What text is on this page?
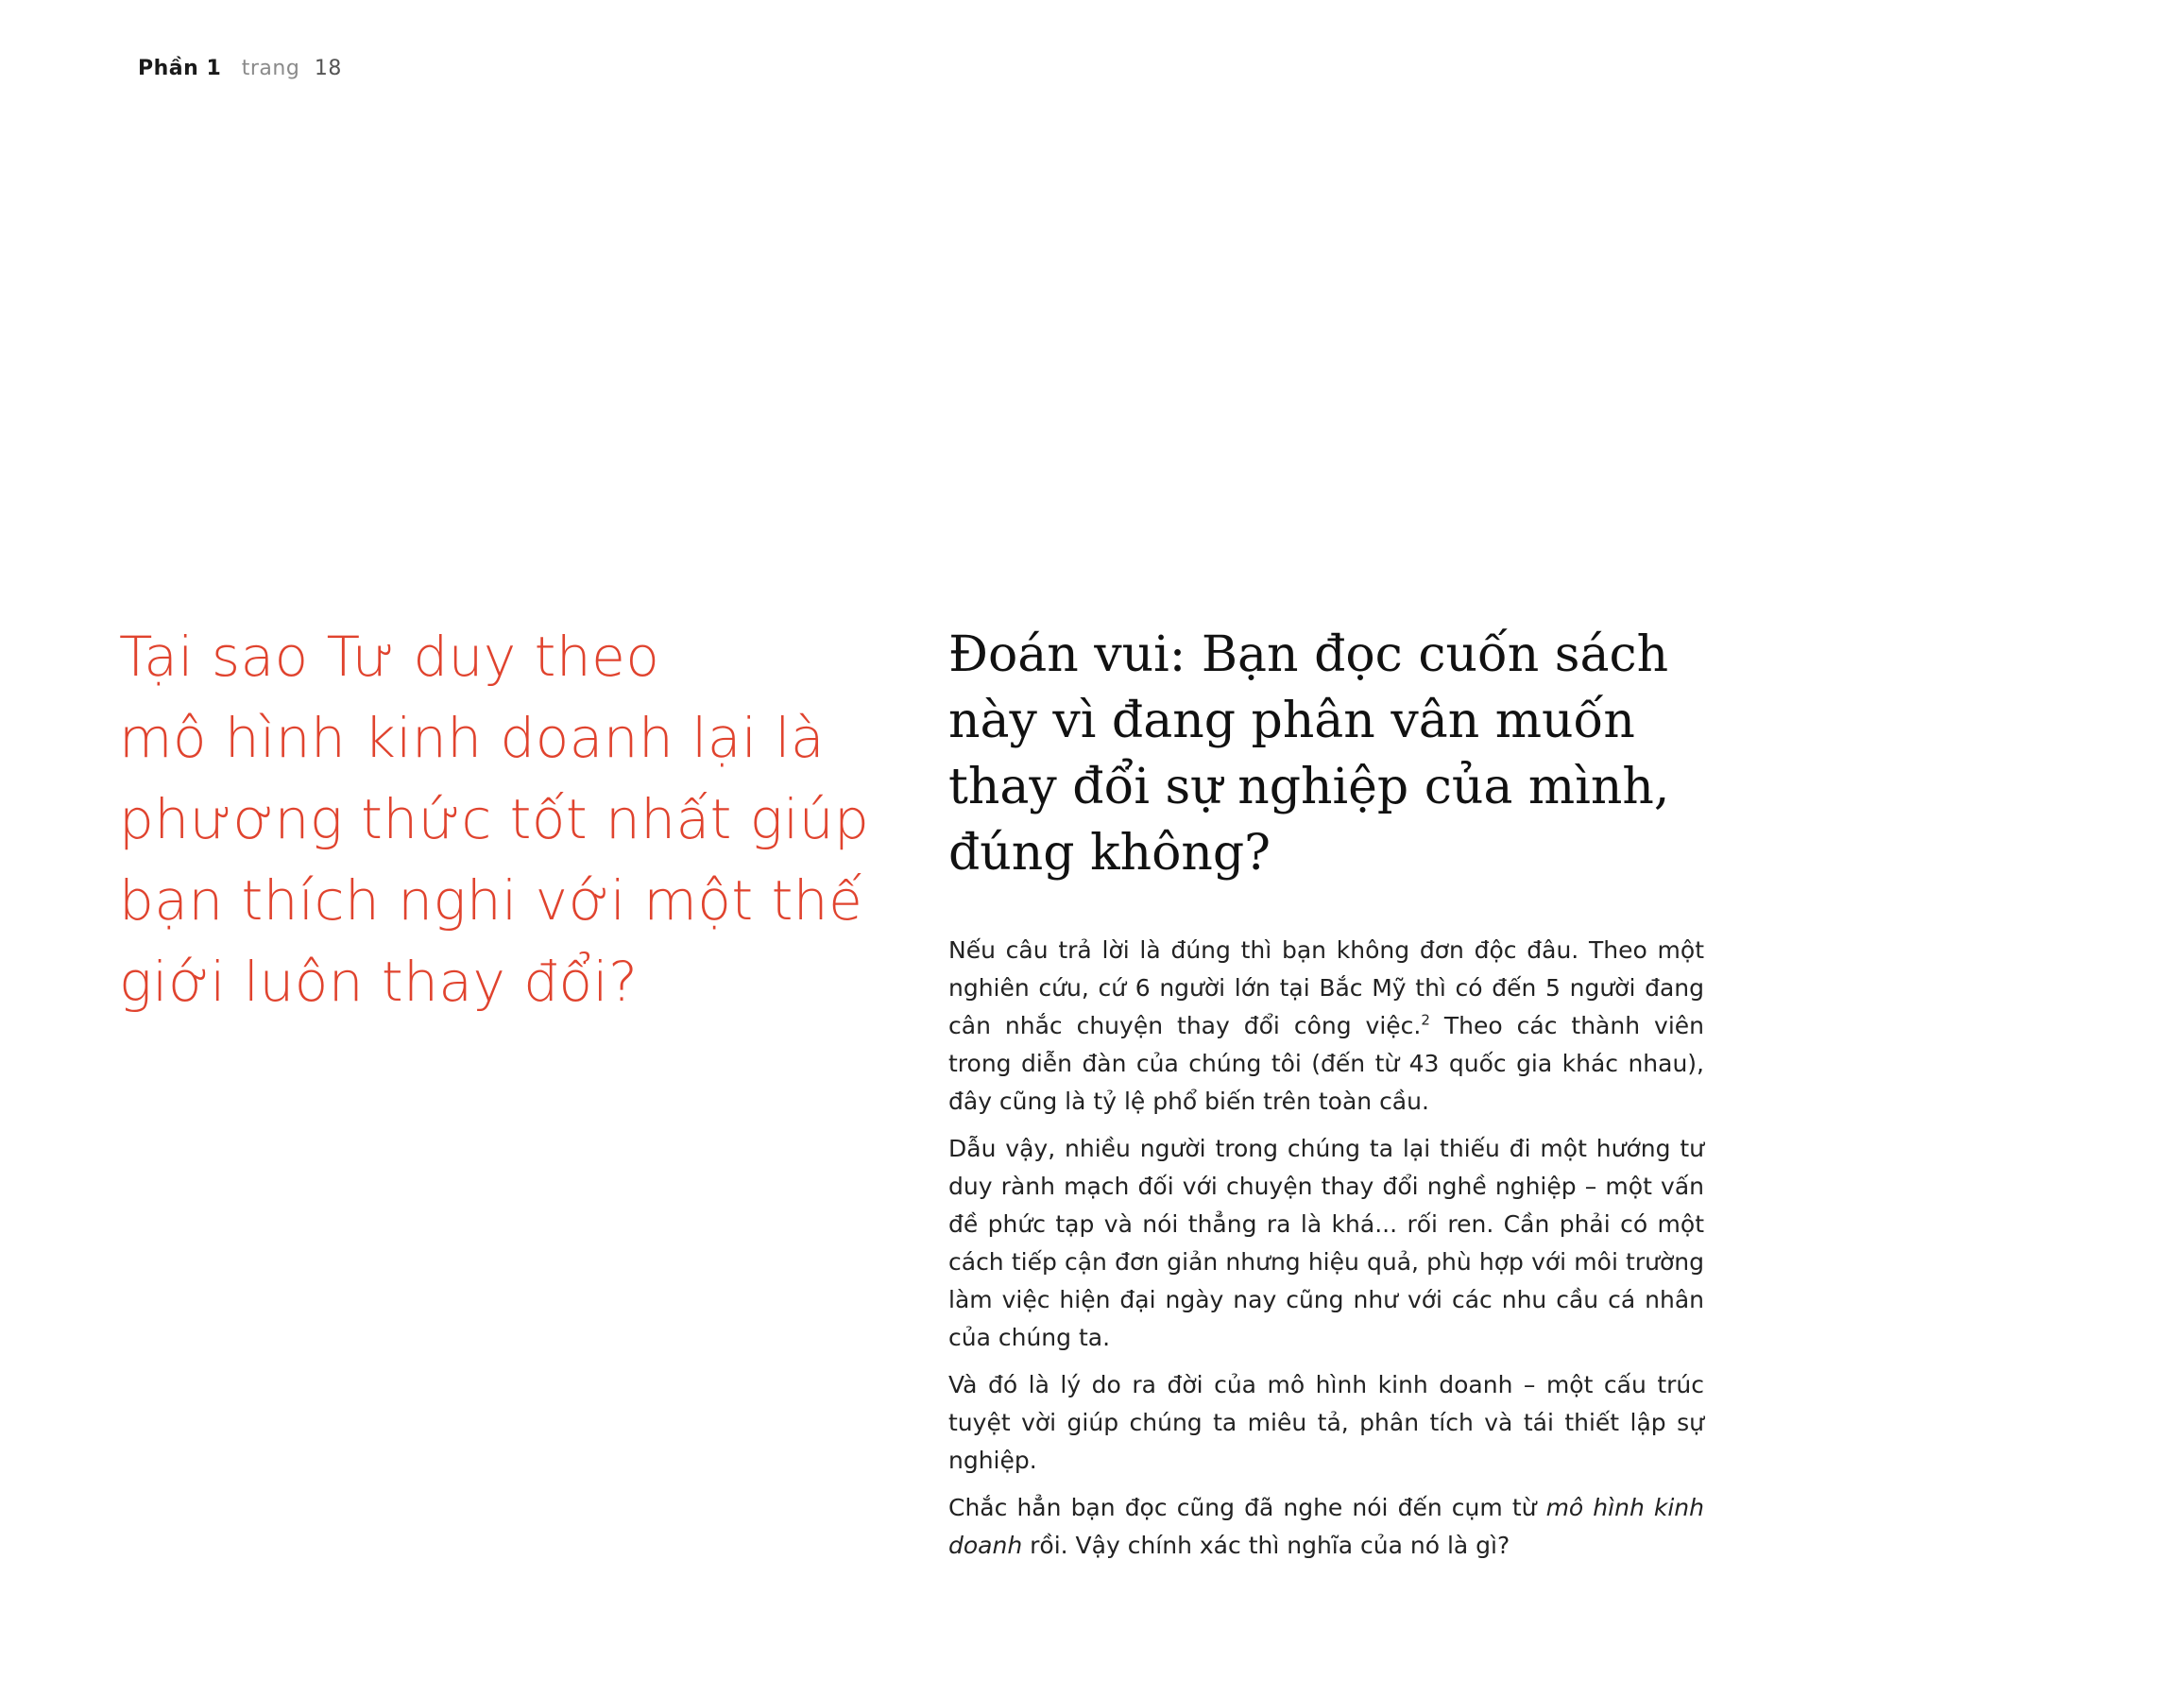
Phần 1 trang 18
Tại sao Tư duy theo
mô hình kinh doanh lại là
phương thức tốt nhất giúp
bạn thích nghi với một thế
giới luôn thay đổi?
Đoán vui: Bạn đọc cuốn sách
này vì đang phân vân muốn
thay đổi sự nghiệp của mình,
đúng không?

Nếu câu trả lời là đúng thì bạn không đơn độc đâu. Theo một nghiên cứu, cứ 6 người lớn tại Bắc Mỹ thì có đến 5 người đang cân nhắc chuyện thay đổi công việc.$^2$ Theo các thành viên trong diễn đàn của chúng tôi (đến từ 43 quốc gia khác nhau), đây cũng là tỷ lệ phổ biến trên toàn cầu.

Dẫu vậy, nhiều người trong chúng ta lại thiếu đi một hướng tư duy rành mạch đối với chuyện thay đổi nghề nghiệp – một vấn đề phức tạp và nói thẳng ra là khá... rối ren. Cần phải có một cách tiếp cận đơn giản nhưng hiệu quả, phù hợp với môi trường làm việc hiện đại ngày nay cũng như với các nhu cầu cá nhân của chúng ta.

Và đó là lý do ra đời của mô hình kinh doanh – một cấu trúc tuyệt vời giúp chúng ta miêu tả, phân tích và tái thiết lập sự nghiệp.

Chắc hẳn bạn đọc cũng đã nghe nói đến cụm từ mô hình kinh doanh rồi. Vậy chính xác thì nghĩa của nó là gì?
